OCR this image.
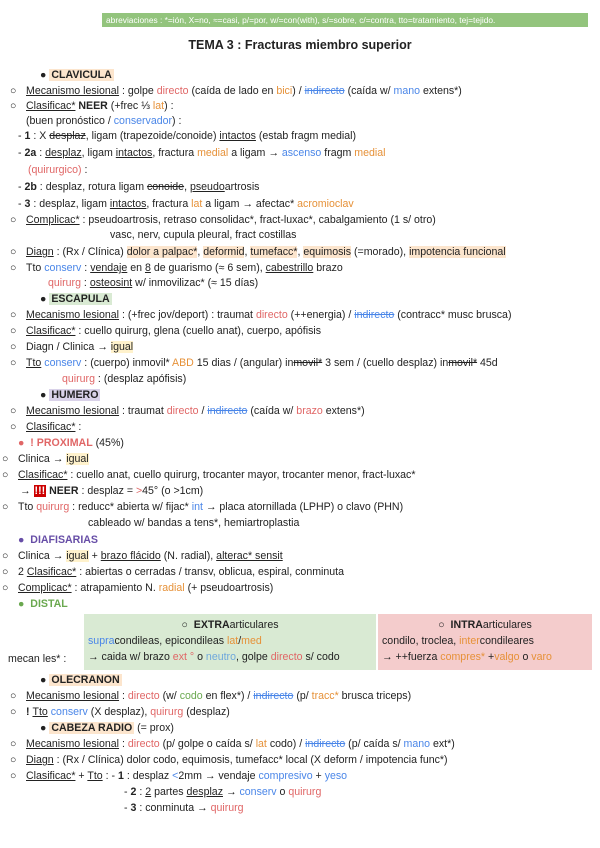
abreviaciones : *=ión, X=no, ≈=casi, p/=por, w/=con(with), s/=sobre, c/=contra, tto=tratamiento, tej=tejido.
TEMA 3 : Fracturas miembro superior
● CLAVICULA
○ Mecanismo lesional : golpe directo (caída de lado en bici) / indirecto (caída w/ mano extens*)
○ Clasificac* NEER (+frec ⅓ lat) :
(buen pronóstico / conservador) :
- 1 : X desplaz, ligam (trapezoide/conoide) intactos (estab fragm medial)
- 2a : desplaz, ligam intactos, fractura medial a ligam → ascenso fragm medial
(quirurgico) :
- 2b : desplaz, rotura ligam conoide, pseudoartrosis
- 3 : desplaz, ligam intactos, fractura lat a ligam → afectac* acromioclav
○ Complicac* : pseudoartrosis, retraso consolidac*, fract-luxac*, cabalgamiento (1 s/ otro)
vasc, nerv, cupula pleural, fract costillas
○ Diagn : (Rx / Clínica) dolor a palpac*, deformid, tumefacc*, equimosis (=morado), impotencia funcional
○ Tto conserv : vendaje en 8 de guarismo (≈ 6 sem), cabestrillo brazo
quirurg : osteosint w/ inmovilizac* (≈ 15 días)
● ESCAPULA
○ Mecanismo lesional : (+frec jov/deport) : traumat directo (++energia) / indirecto (contracc* musc brusca)
○ Clasificac* : cuello quirurg, glena (cuello anat), cuerpo, apófisis
○ Diagn / Clinica → igual
○ Tto conserv : (cuerpo) inmovil* ABD 15 dias / (angular) inmovil* 3 sem / (cuello desplaz) inmovil* 45d
quirurg : (desplaz apófisis)
● HUMERO
○ Mecanismo lesional : traumat directo / indirecto (caída w/ brazo extens*)
○ Clasificac* :
● ! PROXIMAL (45%)
○ Clinica → igual
○ Clasificac* : cuello anat, cuello quirurg, trocanter mayor, trocanter menor, fract-luxac*
→ !!! NEER : desplaz = >45° (o >1cm)
○ Tto quirurg : reducc* abierta w/ fijac* int → placa atornillada (LPHP) o clavo (PHN)
cableado w/ bandas a tens*, hemiartroplastia
● DIAFISARIAS
○ Clinica → igual + brazo flácido (N. radial), alterac* sensit
○ 2 Clasificac* : abiertas o cerradas / transv, oblicua, espiral, conminuta
○ Complicac* : atrapamiento N. radial (+ pseudoartrosis)
● DISTAL
mecan les* :
○ EXTRAarticulares
supracondileas, epicondileas lat/med
→ caida w/ brazo ext ° o neutro, golpe directo s/ codo
○ INTRAarticulares
condilo, troclea, intercondileares
→ ++fuerza compres* +valgo o varo
● OLECRANON
○ Mecanismo lesional : directo (w/ codo en flex*) / indirecto (p/ tracc* brusca triceps)
○ ! Tto conserv (X desplaz), quirurg (desplaz)
● CABEZA RADIO (= prox)
○ Mecanismo lesional : directo (p/ golpe o caída s/ lat codo) / indirecto (p/ caída s/ mano ext*)
○ Diagn : (Rx / Clínica) dolor codo, equimosis, tumefacc* local (X deform / impotencia func*)
○ Clasificac* + Tto : - 1 : desplaz <2mm → vendaje compresivo + yeso
- 2 : 2 partes desplaz → conserv o quirurg
- 3 : conminuta → quirurg
